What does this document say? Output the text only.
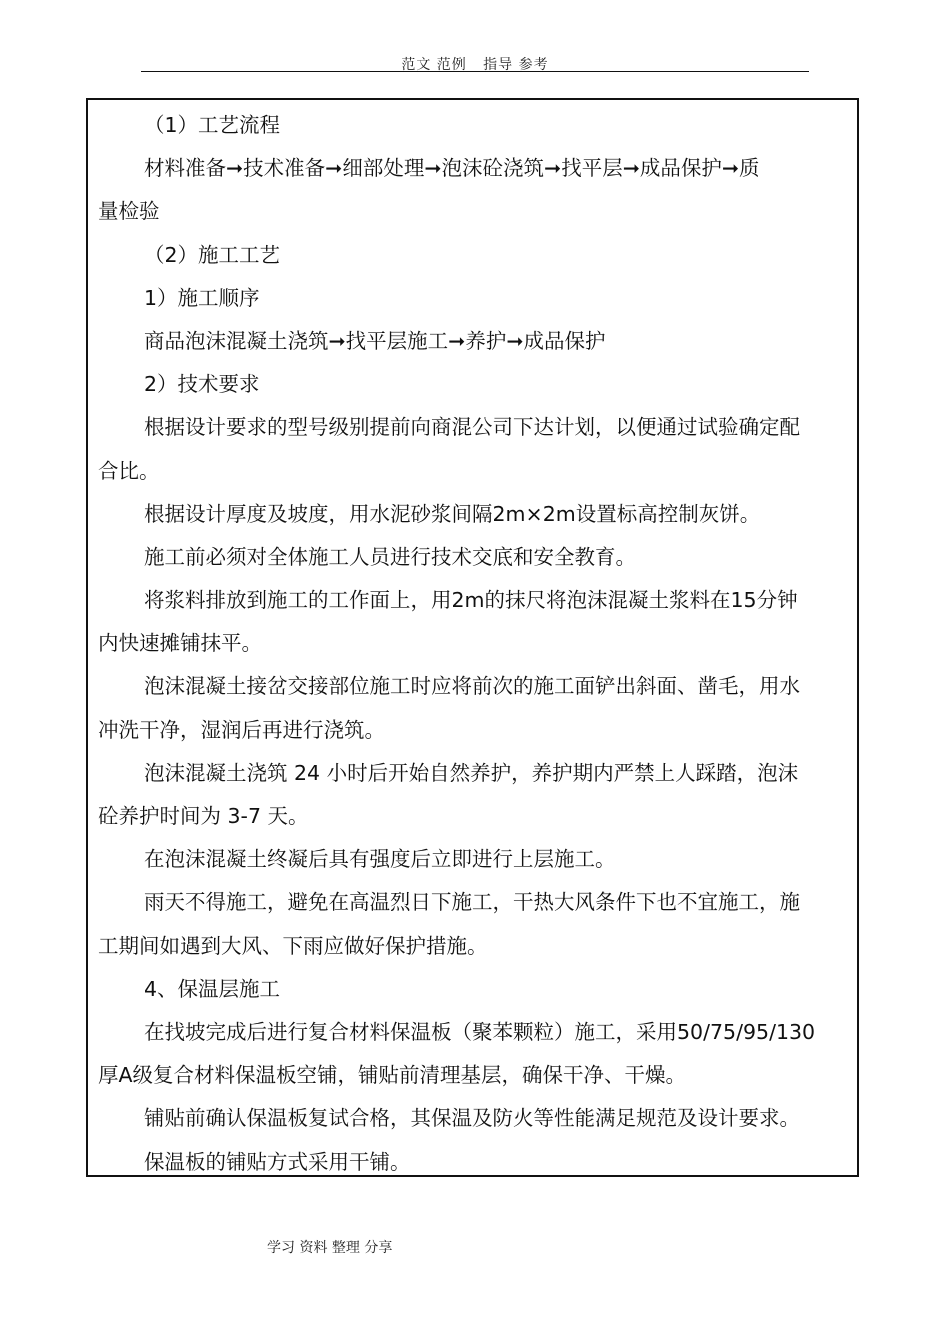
范文 范例   指导 参考
（1）工艺流程
材料准备➞技术准备➞细部处理➞泡沫砼浇筑➞找平层➞成品保护➞质
量检验
（2）施工工艺
1）施工顺序
商品泡沫混凝土浇筑➞找平层施工➞养护➞成品保护
2）技术要求
根据设计要求的型号级别提前向商混公司下达计划，以便通过试验确定配
合比。
根据设计厚度及坡度，用水泥砂浆间隔2m×2m设置标高控制灰饼。
施工前必须对全体施工人员进行技术交底和安全教育。
将浆料排放到施工的工作面上，用2m的抹尺将泡沫混凝土浆料在15分钟
内快速摊铺抹平。
泡沫混凝土接岔交接部位施工时应将前次的施工面铲出斜面、凿毛，用水
冲洗干净，湿润后再进行浇筑。
泡沫混凝土浇筑 24 小时后开始自然养护，养护期内严禁上人踩踏，泡沫
砼养护时间为 3-7 天。
在泡沫混凝土终凝后具有强度后立即进行上层施工。
雨天不得施工，避免在高温烈日下施工，干热大风条件下也不宜施工，施
工期间如遇到大风、下雨应做好保护措施。
4、保温层施工
在找坡完成后进行复合材料保温板（聚苯颗粒）施工，采用50/75/95/130
厚A级复合材料保温板空铺，铺贴前清理基层，确保干净、干燥。
铺贴前确认保温板复试合格，其保温及防火等性能满足规范及设计要求。
保温板的铺贴方式采用干铺。
学习 资料 整理 分享
